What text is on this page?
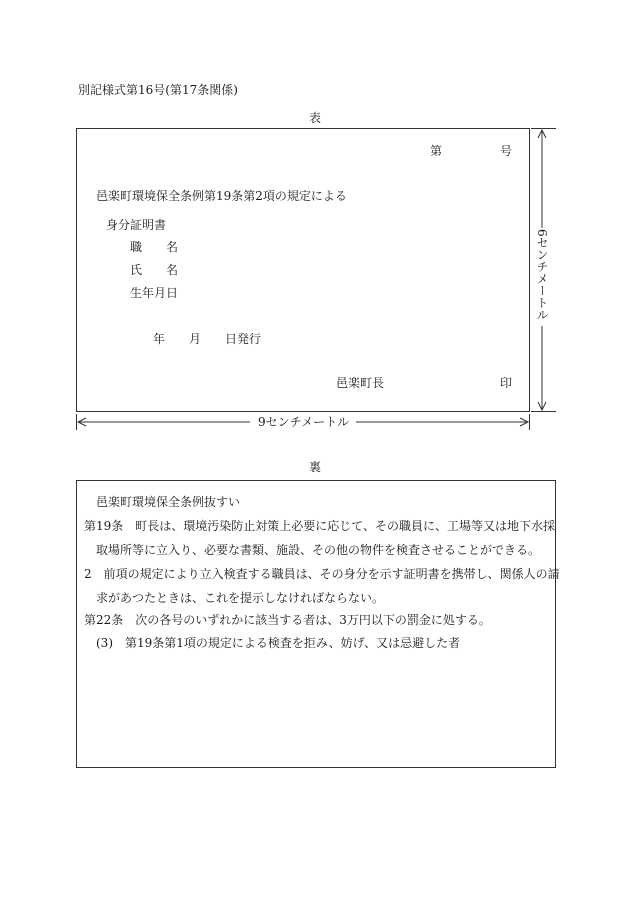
別記様式第16号(第17条関係)
表
第	号
邑楽町環境保全条例第19条第2項の規定による
身分証明書
職　　名
氏　　名
生年月日
年 月 日発行
邑楽町長	印
9センチメートル
6センチメートル
裏
邑楽町環境保全条例抜すい
第19条　町長は、環境汚染防止対策上必要に応じて、その職員に、工場等又は地下水採
取場所等に立入り、必要な書類、施設、その他の物件を検査させることができる。
2　前項の規定により立入検査する職員は、その身分を示す証明書を携帯し、関係人の請
求があつたときは、これを提示しなければならない。
第22条　次の各号のいずれかに該当する者は、3万円以下の罰金に処する。
(3)　第19条第1項の規定による検査を拒み、妨げ、又は忌避した者
